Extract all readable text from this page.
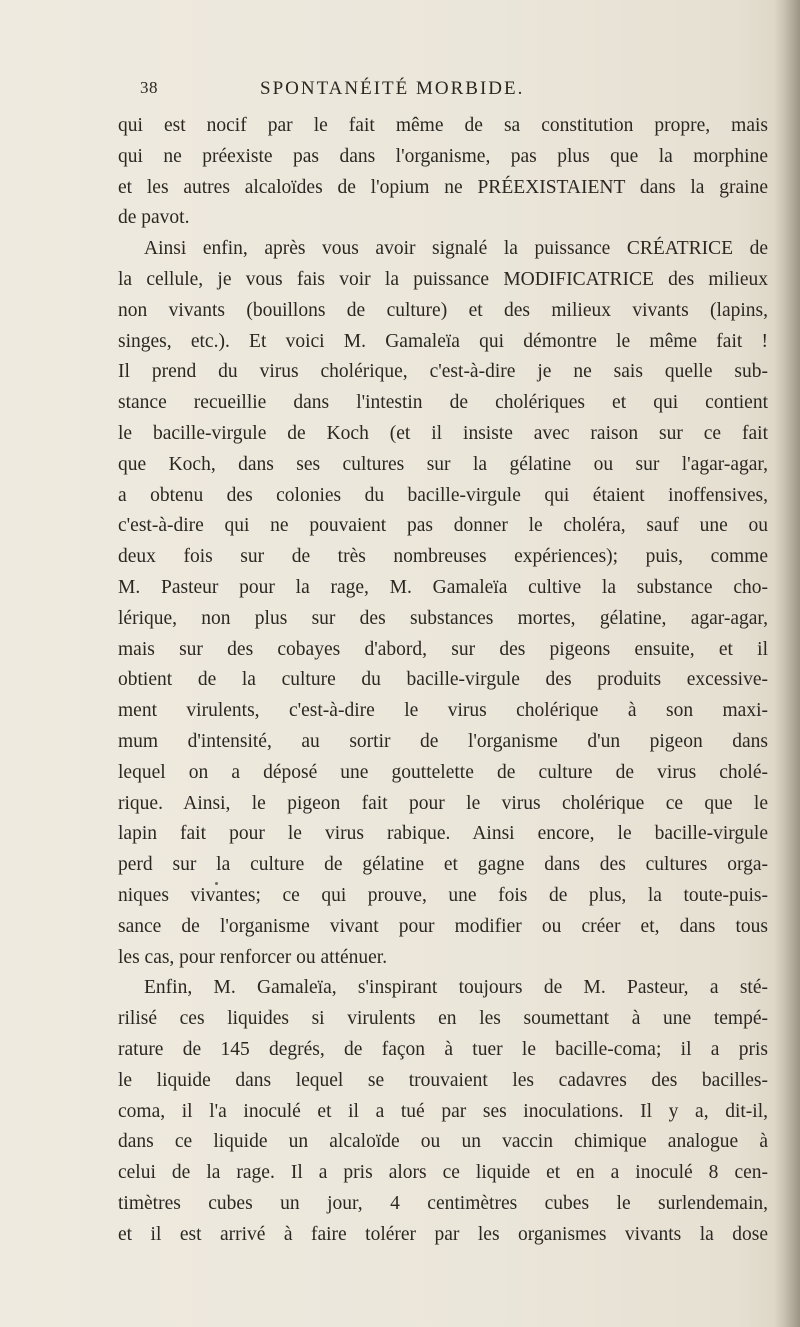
38	SPONTANÉITÉ MORBIDE.
qui est nocif par le fait même de sa constitution propre, mais
qui ne préexiste pas dans l'organisme, pas plus que la morphine
et les autres alcaloïdes de l'opium ne PRÉEXISTAIENT dans la graine
de pavot.
Ainsi enfin, après vous avoir signalé la puissance CRÉATRICE de
la cellule, je vous fais voir la puissance MODIFICATRICE des milieux
non vivants (bouillons de culture) et des milieux vivants (lapins,
singes, etc.). Et voici M. Gamaleïa qui démontre le même fait !
Il prend du virus cholérique, c'est-à-dire je ne sais quelle sub-
stance recueillie dans l'intestin de cholériques et qui contient
le bacille-virgule de Koch (et il insiste avec raison sur ce fait
que Koch, dans ses cultures sur la gélatine ou sur l'agar-agar,
a obtenu des colonies du bacille-virgule qui étaient inoffensives,
c'est-à-dire qui ne pouvaient pas donner le choléra, sauf une ou
deux fois sur de très nombreuses expériences); puis, comme
M. Pasteur pour la rage, M. Gamaleïa cultive la substance cho-
lérique, non plus sur des substances mortes, gélatine, agar-agar,
mais sur des cobayes d'abord, sur des pigeons ensuite, et il
obtient de la culture du bacille-virgule des produits excessive-
ment virulents, c'est-à-dire le virus cholérique à son maxi-
mum d'intensité, au sortir de l'organisme d'un pigeon dans
lequel on a déposé une gouttelette de culture de virus cholé-
rique. Ainsi, le pigeon fait pour le virus cholérique ce que le
lapin fait pour le virus rabique. Ainsi encore, le bacille-virgule
perd sur la culture de gélatine et gagne dans des cultures orga-
niques vivantes; ce qui prouve, une fois de plus, la toute-puis-
sance de l'organisme vivant pour modifier ou créer et, dans tous
les cas, pour renforcer ou atténuer.
Enfin, M. Gamaleïa, s'inspirant toujours de M. Pasteur, a sté-
rilisé ces liquides si virulents en les soumettant à une tempé-
rature de 145 degrés, de façon à tuer le bacille-coma; il a pris
le liquide dans lequel se trouvaient les cadavres des bacilles-
coma, il l'a inoculé et il a tué par ses inoculations. Il y a, dit-il,
dans ce liquide un alcaloïde ou un vaccin chimique analogue à
celui de la rage. Il a pris alors ce liquide et en a inoculé 8 cen-
timètres cubes un jour, 4 centimètres cubes le surlendemain,
et il est arrivé à faire tolérer par les organismes vivants la dose
